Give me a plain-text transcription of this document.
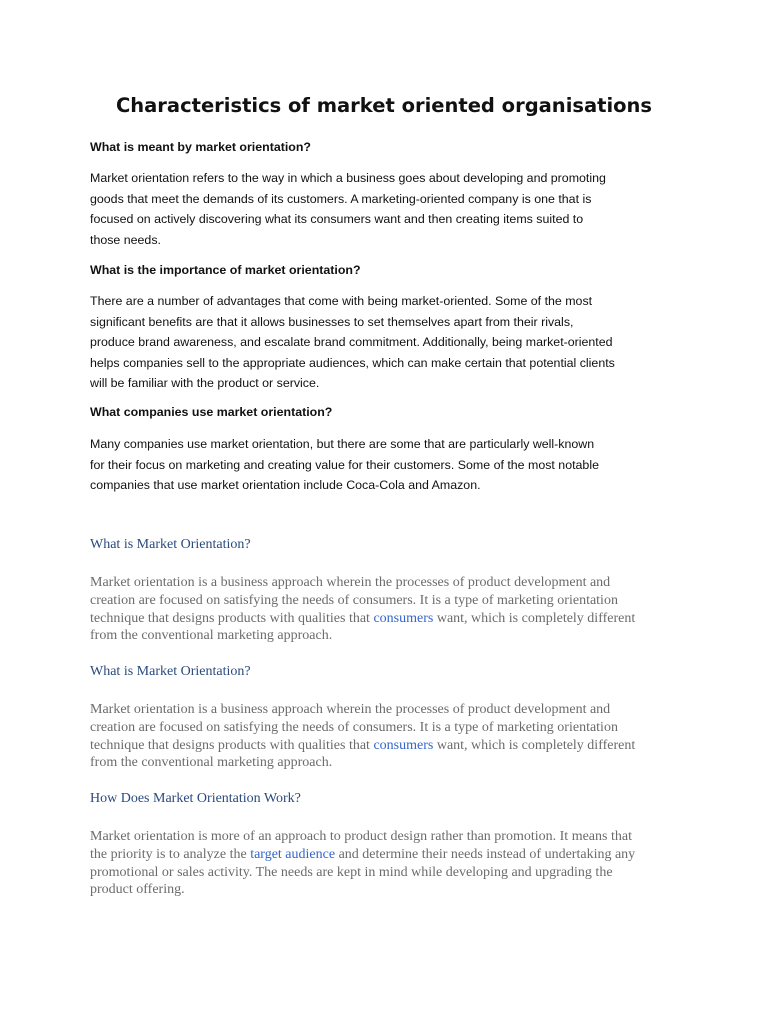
Characteristics of market oriented organisations
What is meant by market orientation?
Market orientation refers to the way in which a business goes about developing and promoting
goods that meet the demands of its customers. A marketing-oriented company is one that is
focused on actively discovering what its consumers want and then creating items suited to
those needs.
What is the importance of market orientation?
There are a number of advantages that come with being market-oriented. Some of the most
significant benefits are that it allows businesses to set themselves apart from their rivals,
produce brand awareness, and escalate brand commitment. Additionally, being market-oriented
helps companies sell to the appropriate audiences, which can make certain that potential clients
will be familiar with the product or service.
What companies use market orientation?
Many companies use market orientation, but there are some that are particularly well-known
for their focus on marketing and creating value for their customers. Some of the most notable
companies that use market orientation include Coca-Cola and Amazon.
What is Market Orientation?
Market orientation is a business approach wherein the processes of product development and
creation are focused on satisfying the needs of consumers. It is a type of marketing orientation
technique that designs products with qualities that consumers want, which is completely different
from the conventional marketing approach.
What is Market Orientation?
Market orientation is a business approach wherein the processes of product development and
creation are focused on satisfying the needs of consumers. It is a type of marketing orientation
technique that designs products with qualities that consumers want, which is completely different
from the conventional marketing approach.
How Does Market Orientation Work?
Market orientation is more of an approach to product design rather than promotion. It means that
the priority is to analyze the target audience and determine their needs instead of undertaking any
promotional or sales activity. The needs are kept in mind while developing and upgrading the
product offering.
